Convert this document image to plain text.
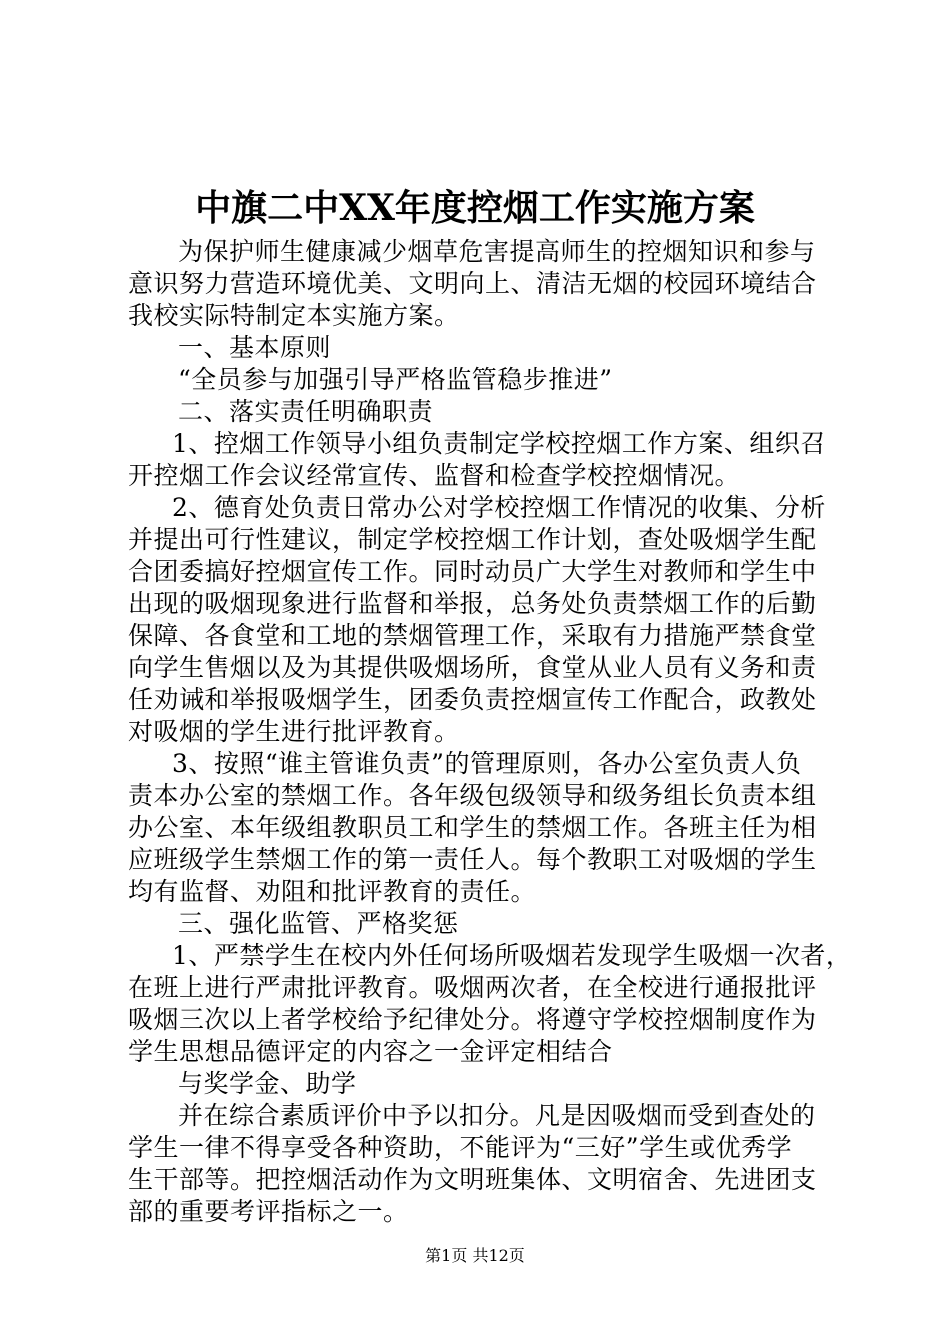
中旗二中XX年度控烟工作实施方案
为保护师生健康减少烟草危害提高师生的控烟知识和参与
意识努力营造环境优美、文明向上、清洁无烟的校园环境结合
我校实际特制定本实施方案。
一、基本原则
“全员参与加强引导严格监管稳步推进”
二、落实责任明确职责
1、控烟工作领导小组负责制定学校控烟工作方案、组织召
开控烟工作会议经常宣传、监督和检查学校控烟情况。
2、德育处负责日常办公对学校控烟工作情况的收集、分析
并提出可行性建议，制定学校控烟工作计划，查处吸烟学生配
合团委搞好控烟宣传工作。同时动员广大学生对教师和学生中
出现的吸烟现象进行监督和举报，总务处负责禁烟工作的后勤
保障、各食堂和工地的禁烟管理工作，采取有力措施严禁食堂
向学生售烟以及为其提供吸烟场所，食堂从业人员有义务和责
任劝诫和举报吸烟学生，团委负责控烟宣传工作配合，政教处
对吸烟的学生进行批评教育。
3、按照“谁主管谁负责”的管理原则，各办公室负责人负
责本办公室的禁烟工作。各年级包级领导和级务组长负责本组
办公室、本年级组教职员工和学生的禁烟工作。各班主任为相
应班级学生禁烟工作的第一责任人。每个教职工对吸烟的学生
均有监督、劝阻和批评教育的责任。
三、强化监管、严格奖惩
1、严禁学生在校内外任何场所吸烟若发现学生吸烟一次者，
在班上进行严肃批评教育。吸烟两次者，在全校进行通报批评
吸烟三次以上者学校给予纪律处分。将遵守学校控烟制度作为
学生思想品德评定的内容之一金评定相结合
与奖学金、助学
并在综合素质评价中予以扣分。凡是因吸烟而受到查处的
学生一律不得享受各种资助，不能评为“三好”学生或优秀学
生干部等。把控烟活动作为文明班集体、文明宿舍、先进团支
部的重要考评指标之一。
第1页 共12页
